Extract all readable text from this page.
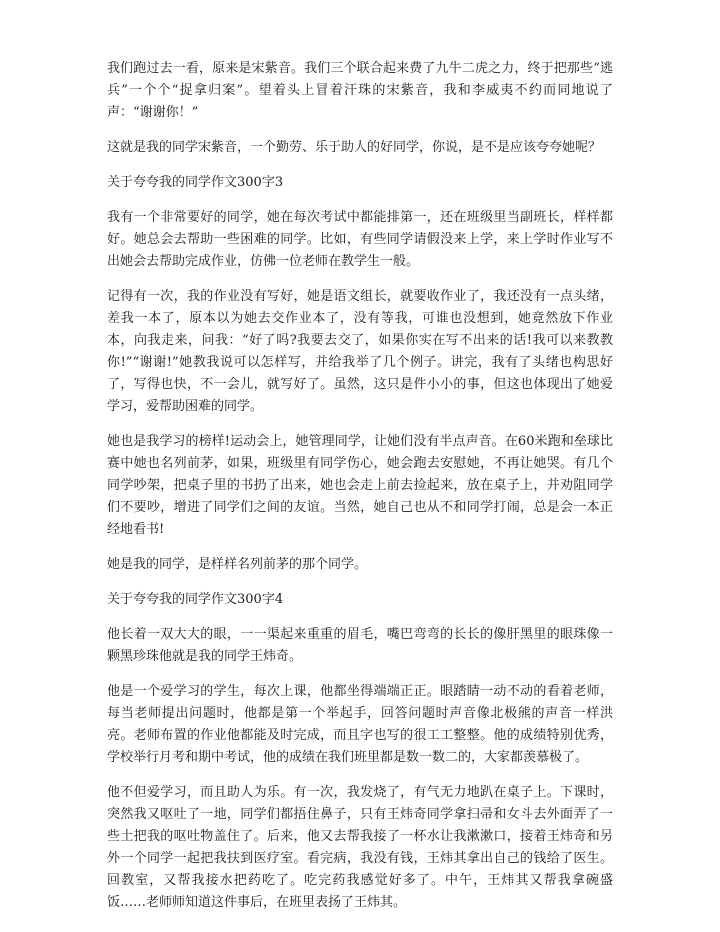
我们跑过去一看，原来是宋紫音。我们三个联合起来费了九牛二虎之力，终于把那些“逃兵”一个个“捉拿归案”。望着头上冒着汗珠的宋紫音，我和李威夷不约而同地说了声：“谢谢你！”

这就是我的同学宋紫音，一个勤劳、乐于助人的好同学，你说，是不是应该夸夸她呢？

关于夸夸我的同学作文300字3

我有一个非常要好的同学，她在每次考试中都能排第一，还在班级里当副班长，样样都好。她总会去帮助一些困难的同学。比如，有些同学请假没来上学，来上学时作业写不出她会去帮助完成作业，仿佛一位老师在教学生一般。

记得有一次，我的作业没有写好，她是语文组长，就要收作业了，我还没有一点头绪，差我一本了，原本以为她去交作业本了，没有等我，可谁也没想到，她竟然放下作业本，向我走来，问我：“好了吗?我要去交了，如果你实在写不出来的话!我可以来教教你!”“谢谢!”她教我说可以怎样写，并给我举了几个例子。讲完，我有了头绪也构思好了，写得也快，不一会儿，就写好了。虽然，这只是件小小的事，但这也体现出了她爱学习，爱帮助困难的同学。

她也是我学习的榜样!运动会上，她管理同学，让她们没有半点声音。在60米跑和垒球比赛中她也名列前茅，如果，班级里有同学伤心，她会跑去安慰她，不再让她哭。有几个同学吵架，把桌子里的书扔了出来，她也会走上前去捡起来，放在桌子上，并劝阻同学们不要吵，增进了同学们之间的友谊。当然，她自己也从不和同学打闹，总是会一本正经地看书!

她是我的同学，是样样名列前茅的那个同学。

关于夸夸我的同学作文300字4

他长着一双大大的眼，一一渠起来重重的眉毛，嘴巴弯弯的长长的像肝黑里的眼珠像一颗黑珍珠他就是我的同学王炜奇。

他是一个爱学习的学生，每次上课，他都坐得端端正正。眼踏睛一动不动的看着老师，每当老师提出问题时，他都是第一个举起手，回答问题时声音像北极熊的声音一样洪亮。老师布置的作业他都能及时完成，而且字也写的很工工整整。他的成绩特别优秀，学校举行月考和期中考试，他的成绩在我们班里都是数一数二的，大家都羡慕极了。

他不但爱学习，而且助人为乐。有一次，我发烧了，有气无力地趴在桌子上。下课时，突然我又呕吐了一地，同学们都捂住鼻子，只有王炜奇同学拿扫帚和女斗去外面弄了一些土把我的呕吐物盖住了。后来，他又去帮我接了一杯水让我漱漱口，接着王炜奇和另外一个同学一起把我扶到医疗室。看完病，我没有钱，王炜其拿出自己的钱给了医生。回教室，又帮我接水把药吃了。吃完药我感觉好多了。中午，王炜其又帮我拿碗盛饭……老师师知道这件事后，在班里表扬了王炜其。
